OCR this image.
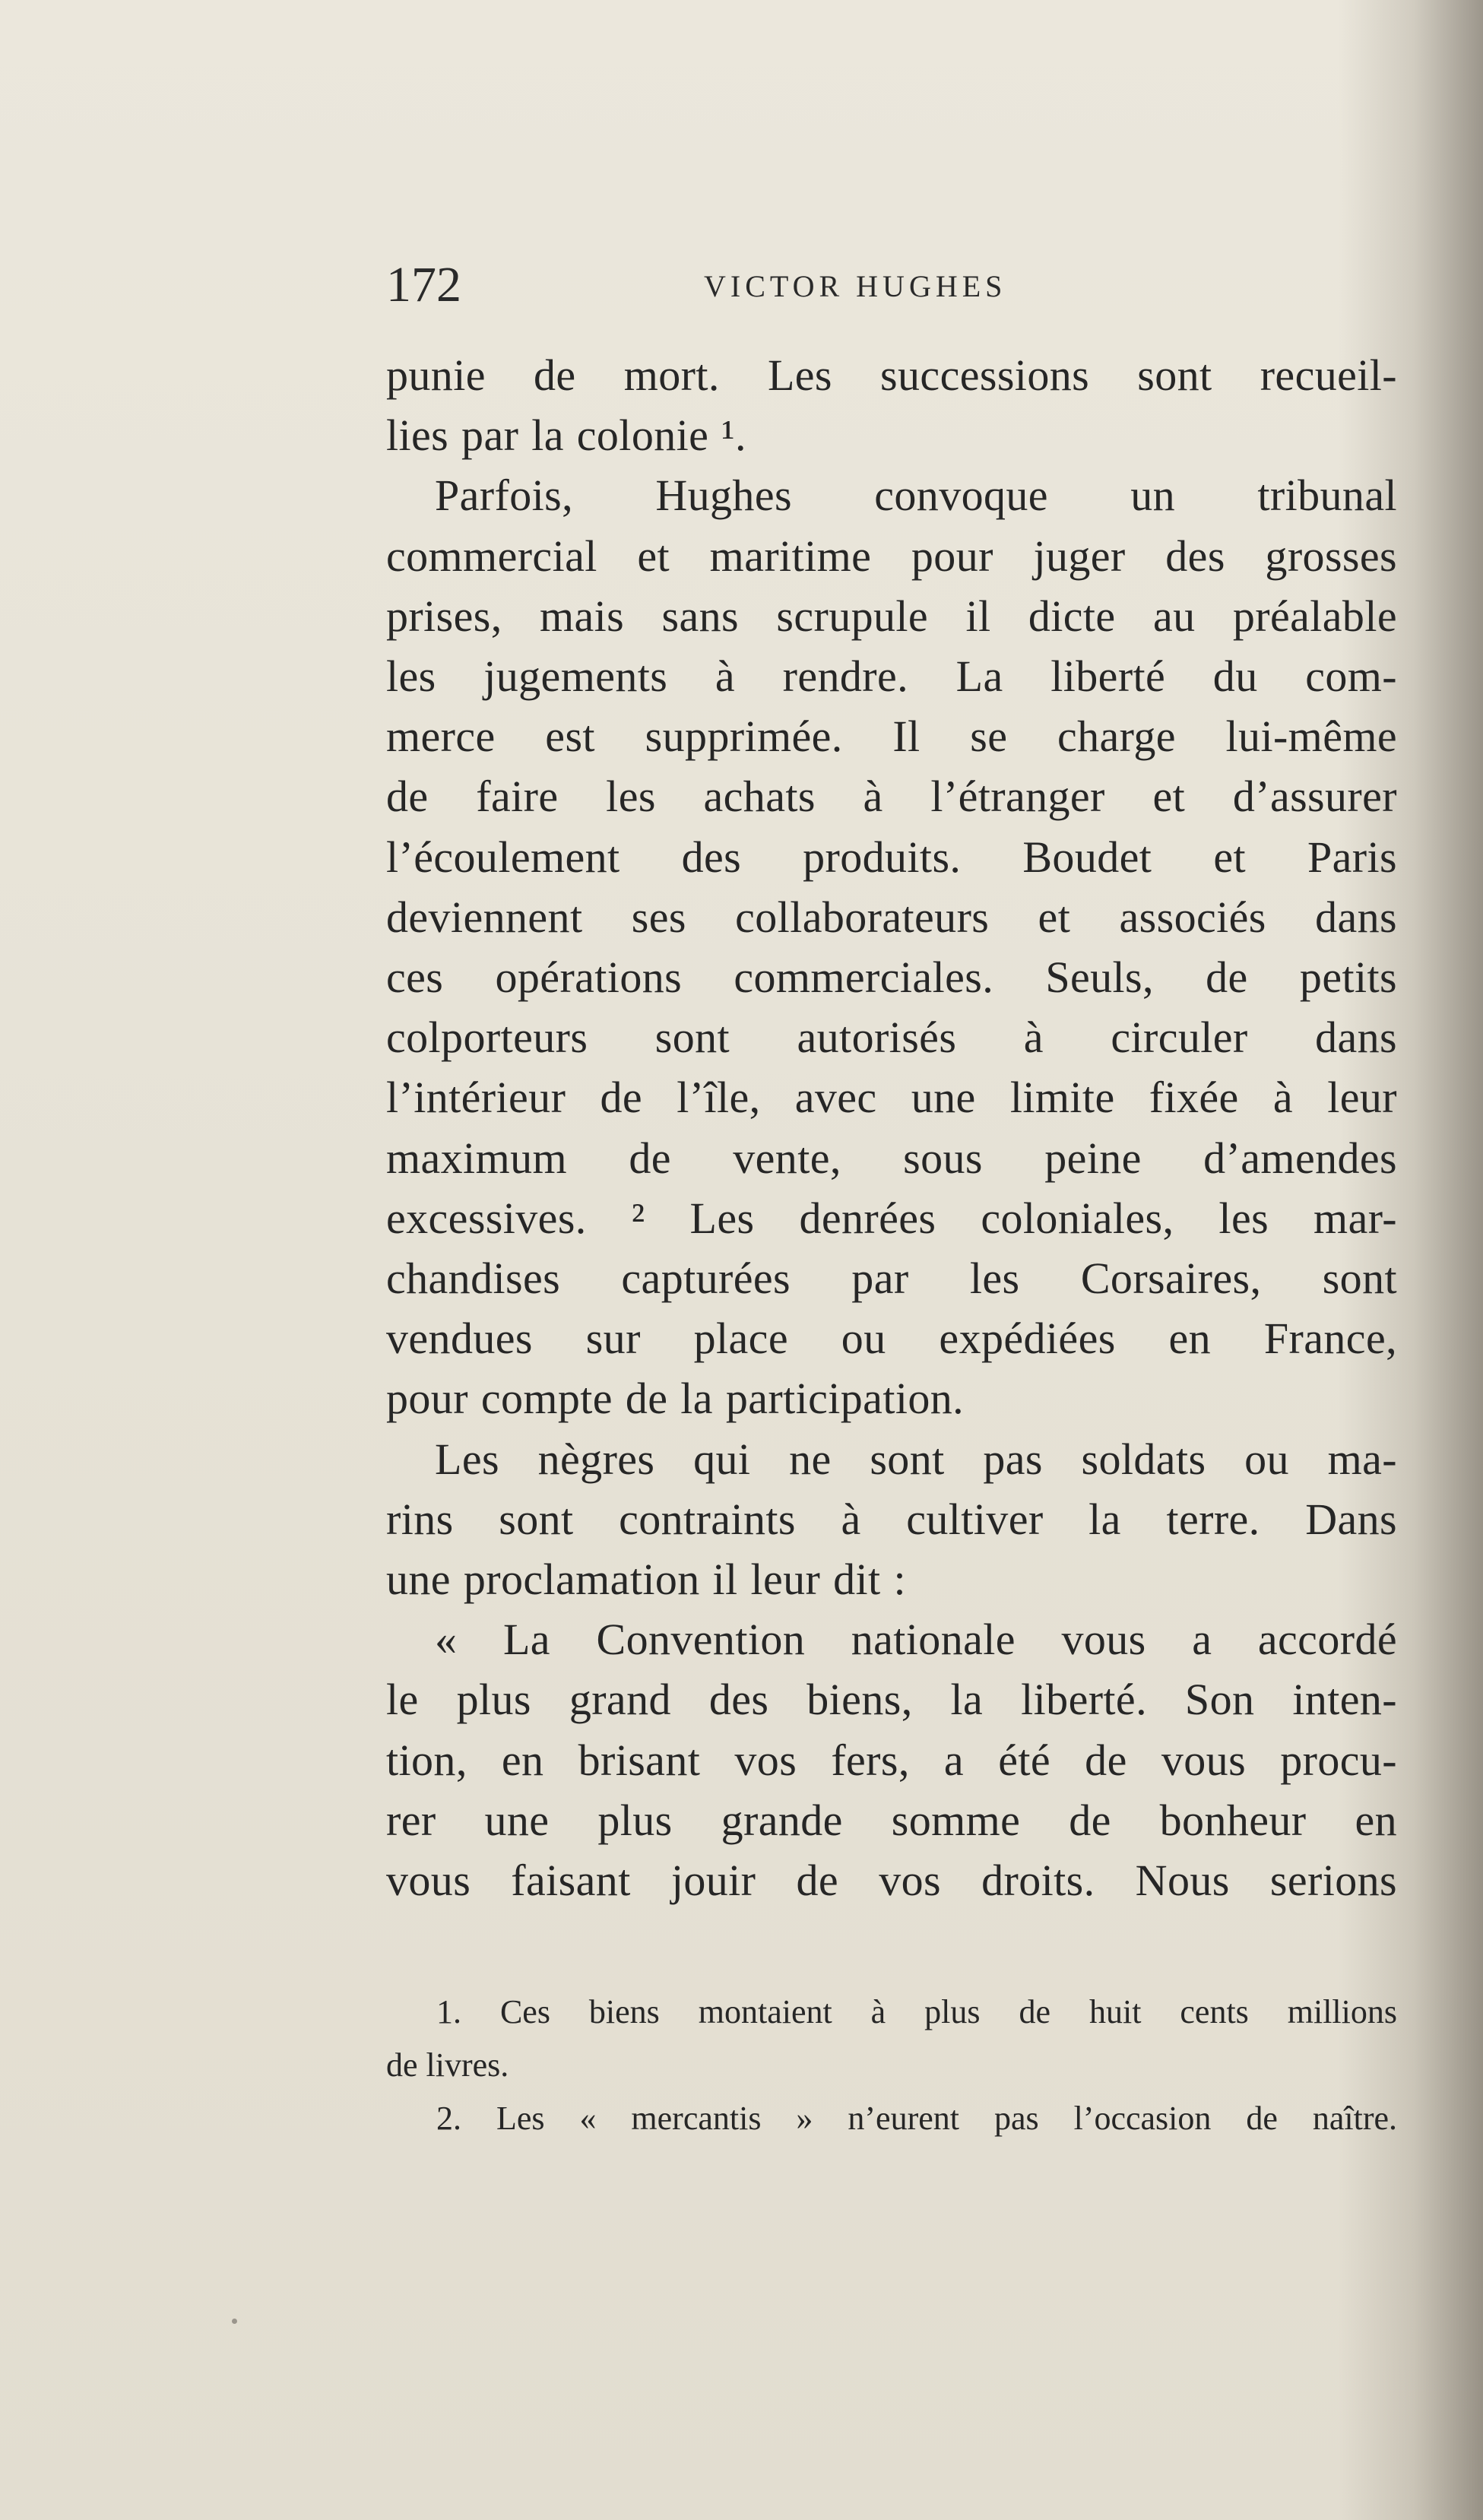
172	VICTOR HUGHES
punie de mort. Les successions sont recueil-
lies par la colonie ¹.
Parfois, Hughes convoque un tribunal
commercial et maritime pour juger des grosses
prises, mais sans scrupule il dicte au préalable
les jugements à rendre. La liberté du com-
merce est supprimée. Il se charge lui-même
de faire les achats à l’étranger et d’assurer
l’écoulement des produits. Boudet et Paris
deviennent ses collaborateurs et associés dans
ces opérations commerciales. Seuls, de petits
colporteurs sont autorisés à circuler dans
l’intérieur de l’île, avec une limite fixée à leur
maximum de vente, sous peine d’amendes
excessives. ² Les denrées coloniales, les mar-
chandises capturées par les Corsaires, sont
vendues sur place ou expédiées en France,
pour compte de la participation.
Les nègres qui ne sont pas soldats ou ma-
rins sont contraints à cultiver la terre. Dans
une proclamation il leur dit :
« La Convention nationale vous a accordé
le plus grand des biens, la liberté. Son inten-
tion, en brisant vos fers, a été de vous procu-
rer une plus grande somme de bonheur en
vous faisant jouir de vos droits. Nous serions
1. Ces biens montaient à plus de huit cents millions
de livres.
2. Les « mercantis » n’eurent pas l’occasion de naître.
